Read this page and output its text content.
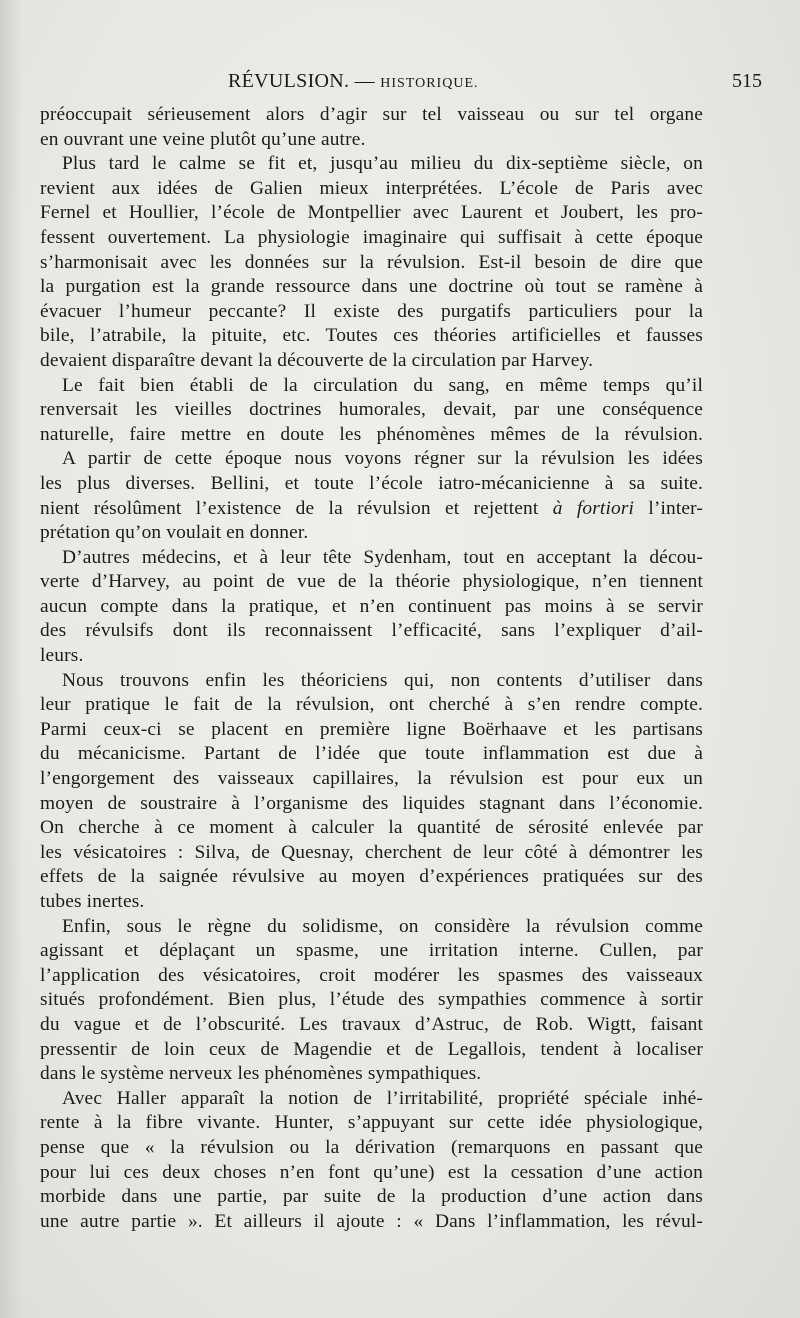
RÉVULSION. — HISTORIQUE.	515
préoccupait sérieusement alors d’agir sur tel vaisseau ou sur tel organe
en ouvrant une veine plutôt qu’une autre.
Plus tard le calme se fit et, jusqu’au milieu du dix-septième siècle, on
revient aux idées de Galien mieux interprétées. L’école de Paris avec
Fernel et Houllier, l’école de Montpellier avec Laurent et Joubert, les pro-
fessent ouvertement. La physiologie imaginaire qui suffisait à cette époque
s’harmonisait avec les données sur la révulsion. Est-il besoin de dire que
la purgation est la grande ressource dans une doctrine où tout se ramène à
évacuer l’humeur peccante? Il existe des purgatifs particuliers pour la
bile, l’atrabile, la pituite, etc. Toutes ces théories artificielles et fausses
devaient disparaître devant la découverte de la circulation par Harvey.
Le fait bien établi de la circulation du sang, en même temps qu’il
renversait les vieilles doctrines humorales, devait, par une conséquence
naturelle, faire mettre en doute les phénomènes mêmes de la révulsion.
A partir de cette époque nous voyons régner sur la révulsion les idées
les plus diverses. Bellini, et toute l’école iatro-mécanicienne à sa suite.
nient résolûment l’existence de la révulsion et rejettent à fortiori l’inter-
prétation qu’on voulait en donner.
D’autres médecins, et à leur tête Sydenham, tout en acceptant la décou-
verte d’Harvey, au point de vue de la théorie physiologique, n’en tiennent
aucun compte dans la pratique, et n’en continuent pas moins à se servir
des révulsifs dont ils reconnaissent l’efficacité, sans l’expliquer d’ail-
leurs.
Nous trouvons enfin les théoriciens qui, non contents d’utiliser dans
leur pratique le fait de la révulsion, ont cherché à s’en rendre compte.
Parmi ceux-ci se placent en première ligne Boërhaave et les partisans
du mécanicisme. Partant de l’idée que toute inflammation est due à
l’engorgement des vaisseaux capillaires, la révulsion est pour eux un
moyen de soustraire à l’organisme des liquides stagnant dans l’économie.
On cherche à ce moment à calculer la quantité de sérosité enlevée par
les vésicatoires : Silva, de Quesnay, cherchent de leur côté à démontrer les
effets de la saignée révulsive au moyen d’expériences pratiquées sur des
tubes inertes.
Enfin, sous le règne du solidisme, on considère la révulsion comme
agissant et déplaçant un spasme, une irritation interne. Cullen, par
l’application des vésicatoires, croit modérer les spasmes des vaisseaux
situés profondément. Bien plus, l’étude des sympathies commence à sortir
du vague et de l’obscurité. Les travaux d’Astruc, de Rob. Wigtt, faisant
pressentir de loin ceux de Magendie et de Legallois, tendent à localiser
dans le système nerveux les phénomènes sympathiques.
Avec Haller apparaît la notion de l’irritabilité, propriété spéciale inhé-
rente à la fibre vivante. Hunter, s’appuyant sur cette idée physiologique,
pense que « la révulsion ou la dérivation (remarquons en passant que
pour lui ces deux choses n’en font qu’une) est la cessation d’une action
morbide dans une partie, par suite de la production d’une action dans
une autre partie ». Et ailleurs il ajoute : « Dans l’inflammation, les révul-
